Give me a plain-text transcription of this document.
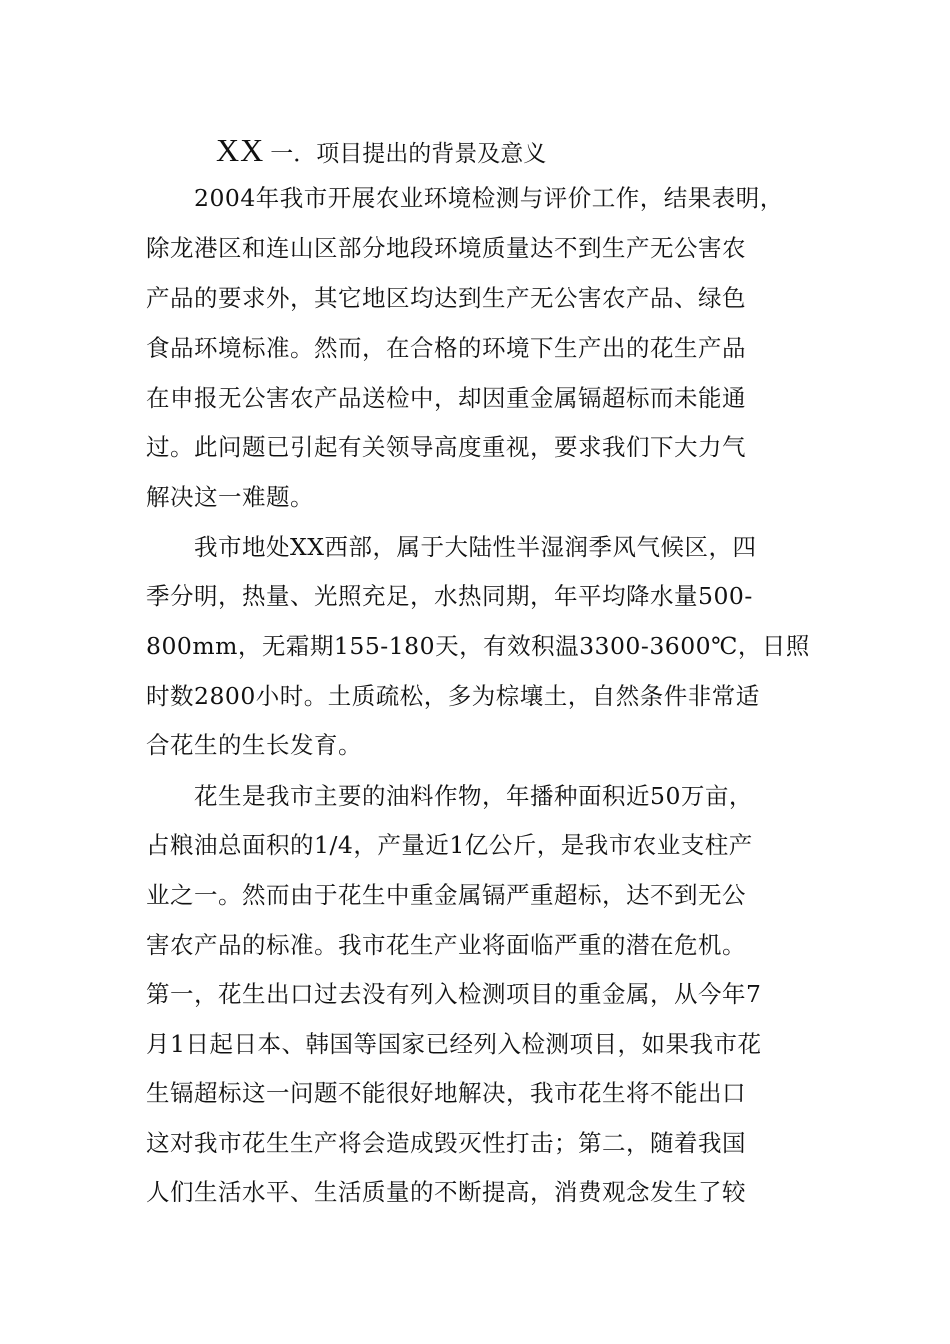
XX 一．项目提出的背景及意义
2004年我市开展农业环境检测与评价工作，结果表明，
除龙港区和连山区部分地段环境质量达不到生产无公害农
产品的要求外，其它地区均达到生产无公害农产品、绿色
食品环境标准。然而，在合格的环境下生产出的花生产品
在申报无公害农产品送检中，却因重金属镉超标而未能通
过。此问题已引起有关领导高度重视，要求我们下大力气
解决这一难题。
我市地处XX西部，属于大陆性半湿润季风气候区，四
季分明，热量、光照充足，水热同期，年平均降水量500-
800mm，无霜期155-180天，有效积温3300-3600℃，日照
时数2800小时。土质疏松，多为棕壤土，自然条件非常适
合花生的生长发育。
花生是我市主要的油料作物，年播种面积近50万亩，
占粮油总面积的1/4，产量近1亿公斤，是我市农业支柱产
业之一。然而由于花生中重金属镉严重超标，达不到无公
害农产品的标准。我市花生产业将面临严重的潜在危机。
第一，花生出口过去没有列入检测项目的重金属，从今年7
月1日起日本、韩国等国家已经列入检测项目，如果我市花
生镉超标这一问题不能很好地解决，我市花生将不能出口
这对我市花生生产将会造成毁灭性打击；第二，随着我国
人们生活水平、生活质量的不断提高，消费观念发生了较
